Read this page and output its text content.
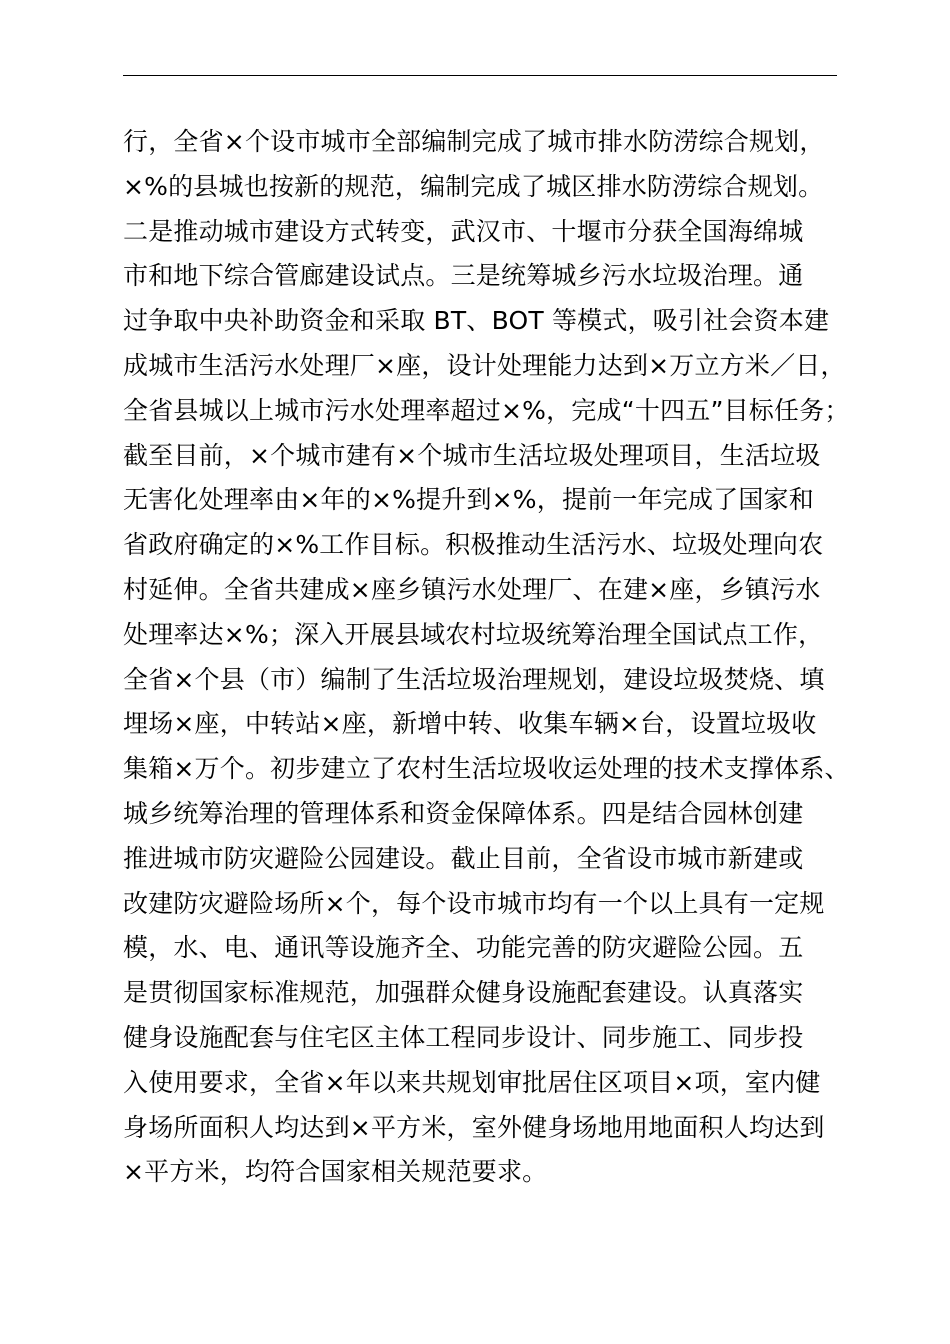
行，全省×个设市城市全部编制完成了城市排水防涝综合规划，
×%的县城也按新的规范，编制完成了城区排水防涝综合规划。
二是推动城市建设方式转变，武汉市、十堰市分获全国海绵城
市和地下综合管廊建设试点。三是统筹城乡污水垃圾治理。通
过争取中央补助资金和采取 BT、BOT 等模式，吸引社会资本建
成城市生活污水处理厂×座，设计处理能力达到×万立方米／日，
全省县城以上城市污水处理率超过×%，完成“十四五”目标任务；
截至目前，×个城市建有×个城市生活垃圾处理项目，生活垃圾
无害化处理率由×年的×%提升到×%，提前一年完成了国家和
省政府确定的×%工作目标。积极推动生活污水、垃圾处理向农
村延伸。全省共建成×座乡镇污水处理厂、在建×座，乡镇污水
处理率达×%；深入开展县域农村垃圾统筹治理全国试点工作，
全省×个县（市）编制了生活垃圾治理规划，建设垃圾焚烧、填
埋场×座，中转站×座，新增中转、收集车辆×台，设置垃圾收
集箱×万个。初步建立了农村生活垃圾收运处理的技术支撑体系、
城乡统筹治理的管理体系和资金保障体系。四是结合园林创建
推进城市防灾避险公园建设。截止目前，全省设市城市新建或
改建防灾避险场所×个，每个设市城市均有一个以上具有一定规
模，水、电、通讯等设施齐全、功能完善的防灾避险公园。五
是贯彻国家标准规范，加强群众健身设施配套建设。认真落实
健身设施配套与住宅区主体工程同步设计、同步施工、同步投
入使用要求，全省×年以来共规划审批居住区项目×项，室内健
身场所面积人均达到×平方米，室外健身场地用地面积人均达到
×平方米，均符合国家相关规范要求。
